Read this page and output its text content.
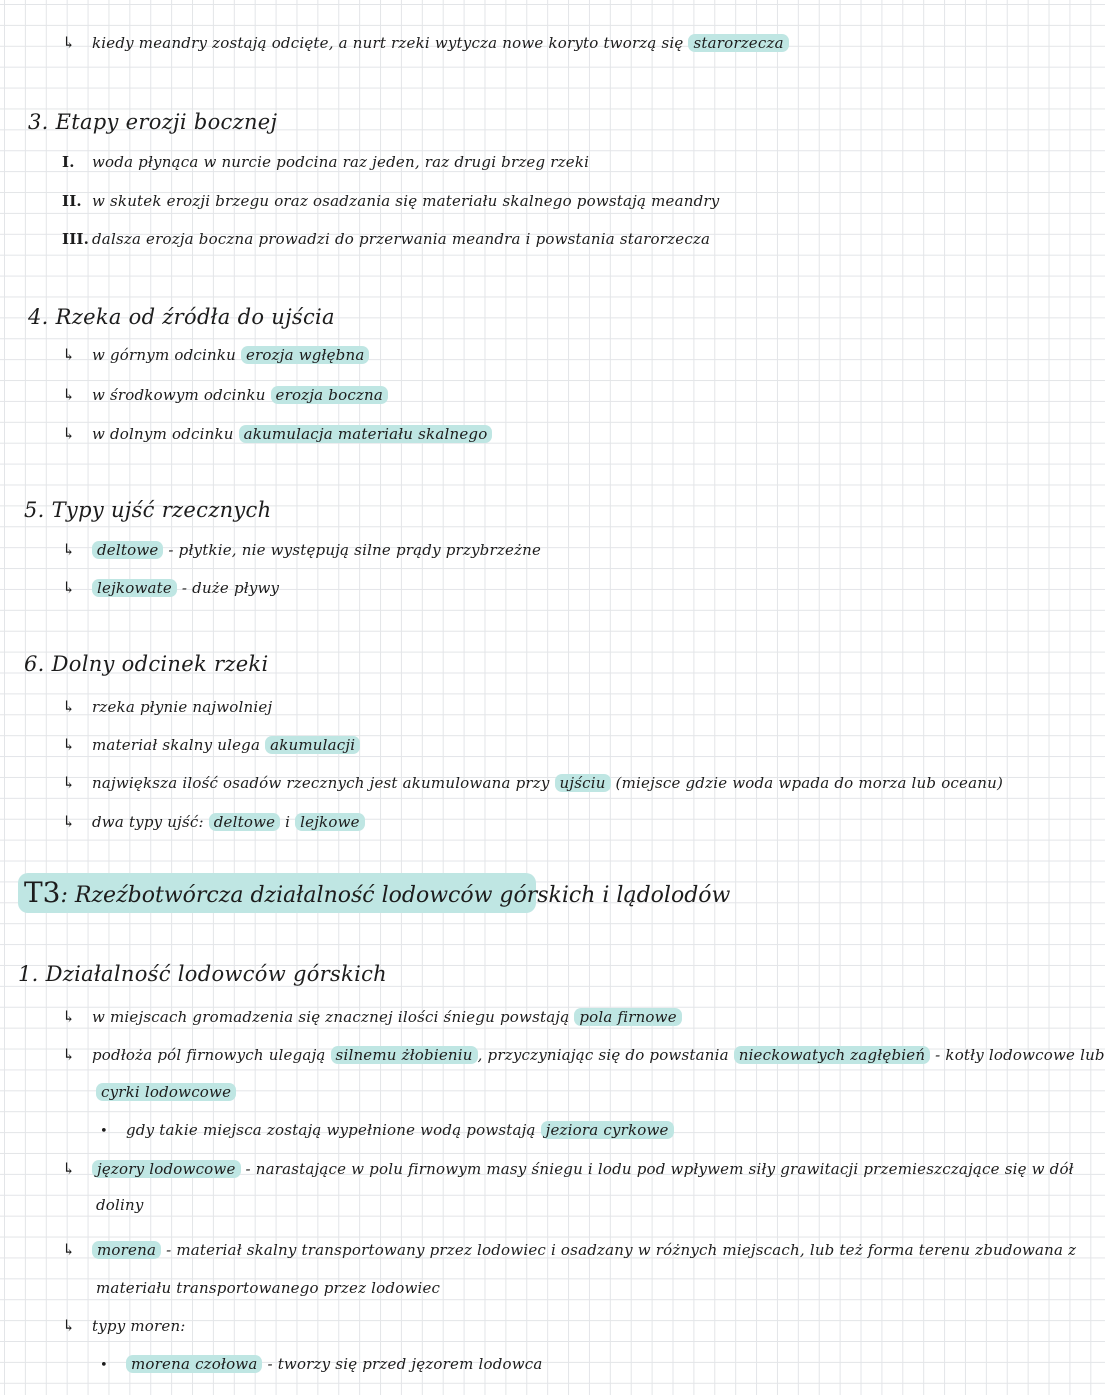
T3: Rzeźbotwórcza działalność lodowców górskich i lądolodów
↳ kiedy meandry zostają odcięte, a nurt rzeki wytycza nowe koryto tworzą się starorzecza
3. Etapy erozji bocznej
I. woda płynąca w nurcie podcina raz jeden, raz drugi brzeg rzeki
II. w skutek erozji brzegu oraz osadzania się materiału skalnego powstają meandry
III. dalsza erozja boczna prowadzi do przerwania meandra i powstania starorzecza
4. Rzeka od źródła do ujścia
↳ w górnym odcinku erozja wgłębna
↳ w środkowym odcinku erozja boczna
↳ w dolnym odcinku akumulacja materiału skalnego
5. Typy ujść rzecznych
↳ deltowe - płytkie, nie występują silne prądy przybrzeżne
↳ lejkowate - duże pływy
6. Dolny odcinek rzeki
↳ rzeka płynie najwolniej
↳ materiał skalny ulega akumulacji
↳ największa ilość osadów rzecznych jest akumulowana przy ujściu (miejsce gdzie woda wpada do morza lub oceanu)
↳ dwa typy ujść: deltowe i lejkowe
1. Działalność lodowców górskich
↳ w miejscach gromadzenia się znacznej ilości śniegu powstają pola firnowe
↳ podłoża pól firnowych ulegają silnemu żłobieniu , przyczyniając się do powstania nieckowatych zagłębień - kotły lodowcowe lub
cyrki lodowcowe
• gdy takie miejsca zostają wypełnione wodą powstają jeziora cyrkowe
↳ jęzory lodowcowe - narastające w polu firnowym masy śniegu i lodu pod wpływem siły grawitacji przemieszczające się w dół
doliny
↳ morena - materiał skalny transportowany przez lodowiec i osadzany w różnych miejscach, lub też forma terenu zbudowana z
materiału transportowanego przez lodowiec
↳ typy moren:
• morena czołowa - tworzy się przed jęzorem lodowca
